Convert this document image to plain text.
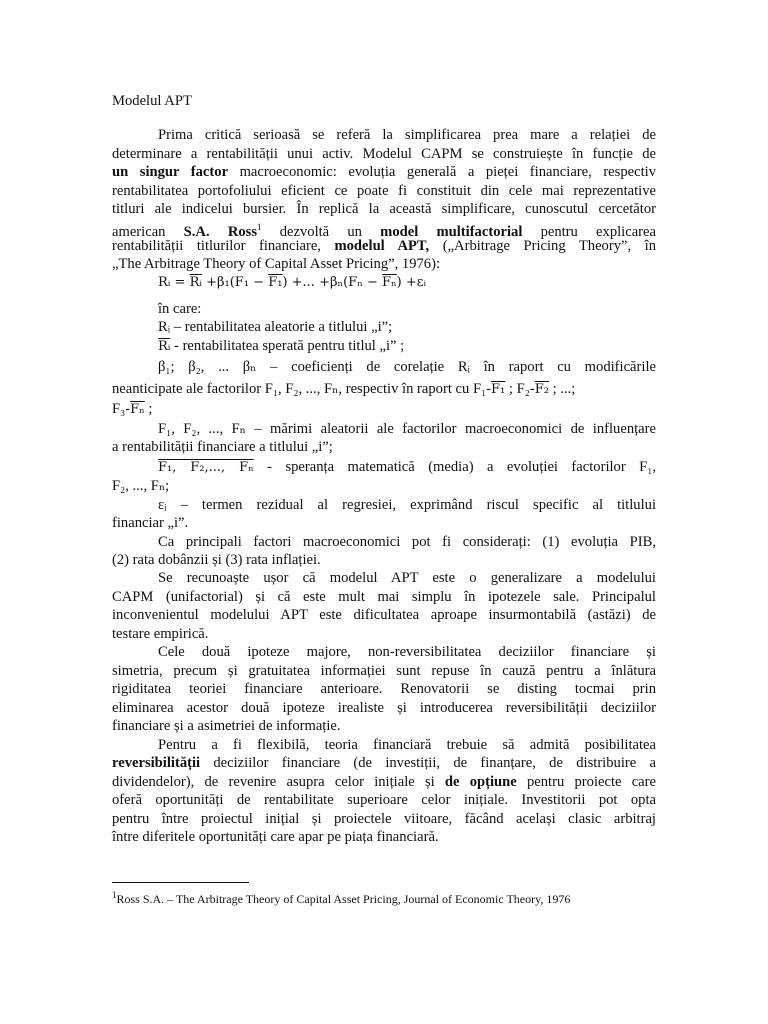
Modelul APT
Prima critică serioasă se referă la simplificarea prea mare a relației de
determinare a rentabilității unui activ. Modelul CAPM se construiește în funcție de
un singur factor macroeconomic: evoluția generală a pieței financiare, respectiv
rentabilitatea portofoliului eficient ce poate fi constituit din cele mai reprezentative
titluri ale indicelui bursier. În replică la această simplificare, cunoscutul cercetător
american S.A. Ross$^1$ dezvoltă un model multifactorial pentru explicarea
rentabilității titlurilor financiare, modelul APT, („Arbitrage Pricing Theory”, în
„The Arbitrage Theory of Capital Asset Pricing”, 1976):
Rᵢ = $\overline{Rᵢ} +\beta_1(F_1 - F_1)$ +... $+\beta_n(F_n - \overline{F_n})$ +εᵢ
în care:
Rᵢ – rentabilitatea aleatorie a titlului „i”;
$\overline{Rᵢ}$ - rentabilitatea sperată pentru titlul „i” ;
β₁; β₂, ... βₙ – coeficienți de corelație Rᵢ în raport cu modificările
neanticipate ale factorilor F₁, F₂, ..., Fₙ, respectiv în raport cu F₁-F₁ ; F₂-F₂ ; ...;
$F_3-\overline{F_n}$ ;
F₁, F₂, ..., Fₙ – mărimi aleatorii ale factorilor macroeconomici de influențare
a rentabilității financiare a titlului „i”;
F₁, F₂,..., Fₙ - speranța matematică (media) a evoluției factorilor F₁,
F₂, ..., Fₙ;
εᵢ – termen rezidual al regresiei, exprimând riscul specific al titlului
financiar „i”.
Ca principali factori macroeconomici pot fi considerați: (1) evoluția PIB,
(2) rata dobânzii și (3) rata inflației.
Se recunoaște ușor că modelul APT este o generalizare a modelului
CAPM (unifactorial) și că este mult mai simplu în ipotezele sale. Principalul
inconvenientul modelului APT este dificultatea aproape insurmontabilă (astăzi) de
testare empirică.
Cele două ipoteze majore, non-reversibilitatea deciziilor financiare și
simetria, precum și gratuitatea informației sunt repuse în cauză pentru a înlătura
rigiditatea teoriei financiare anterioare. Renovatorii se disting tocmai prin
eliminarea acestor două ipoteze irealiste și introducerea reversibilității deciziilor
financiare și a asimetriei de informație.
Pentru a fi flexibilă, teoria financiară trebuie să admită posibilitatea
reversibilității deciziilor financiare (de investiții, de finanțare, de distribuire a
dividendelor), de revenire asupra celor inițiale și de opțiune pentru proiecte care
oferă oportunități de rentabilitate superioare celor inițiale. Investitorii pot opta
pentru între proiectul inițial și proiectele viitoare, făcând același clasic arbitraj
între diferitele oportunități care apar pe piața financiară.
$^1$Ross S.A. – The Arbitrage Theory of Capital Asset Pricing, Journal of Economic Theory, 1976
